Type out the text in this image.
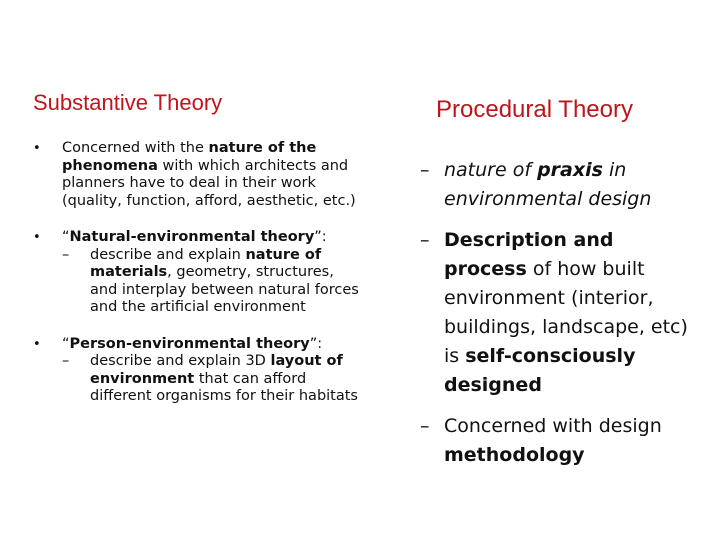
Substantive Theory	Procedural Theory
• Concerned with the nature of the phenomena with which architects and planners have to deal in their work (quality, function, afford, aesthetic, etc.)
• “Natural-environmental theory”:
– describe and explain nature of materials, geometry, structures, and interplay between natural forces and the artificial environment
• “Person-environmental theory”:
– describe and explain 3D layout of environment that can afford different organisms for their habitats
– nature of praxis in environmental design
– Description and process of how built environment (interior, buildings, landscape, etc) is self-consciously designed
– Concerned with design methodology
